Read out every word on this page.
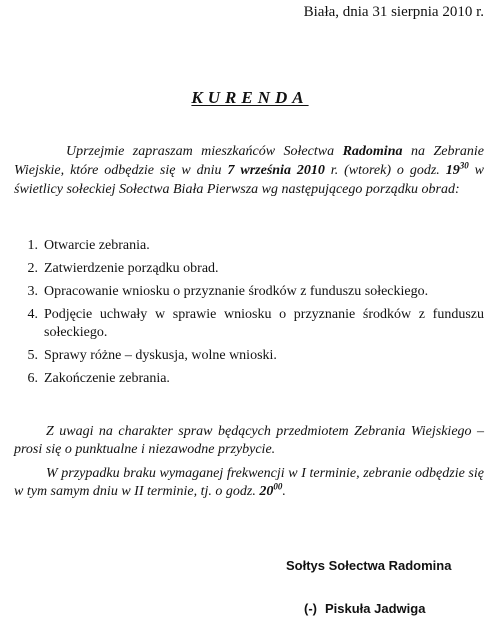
Biała, dnia 31 sierpnia 2010 r.
KURENDA

Uprzejmie zapraszam mieszkańców Sołectwa Radomina na Zebranie Wiejskie, które odbędzie się w dniu 7 września 2010 r. (wtorek) o godz. $19^{30}$ w świetlicy sołeckiej Sołectwa Biała Pierwsza wg następującego porządku obrad:

1. Otwarcie zebrania.
2. Zatwierdzenie porządku obrad.
3. Opracowanie wniosku o przyznanie środków z funduszu sołeckiego.
4. Podjęcie uchwały w sprawie wniosku o przyznanie środków z funduszu sołeckiego.
5. Sprawy różne – dyskusja, wolne wnioski.
6. Zakończenie zebrania.

Z uwagi na charakter spraw będących przedmiotem Zebrania Wiejskiego – prosi się o punktualne i niezawodne przybycie.

W przypadku braku wymaganej frekwencji w I terminie, zebranie odbędzie się w tym samym dniu w II terminie, tj. o godz. $20^{00}$.

Sołtys Sołectwa Radomina
(-) Piskuła Jadwiga
